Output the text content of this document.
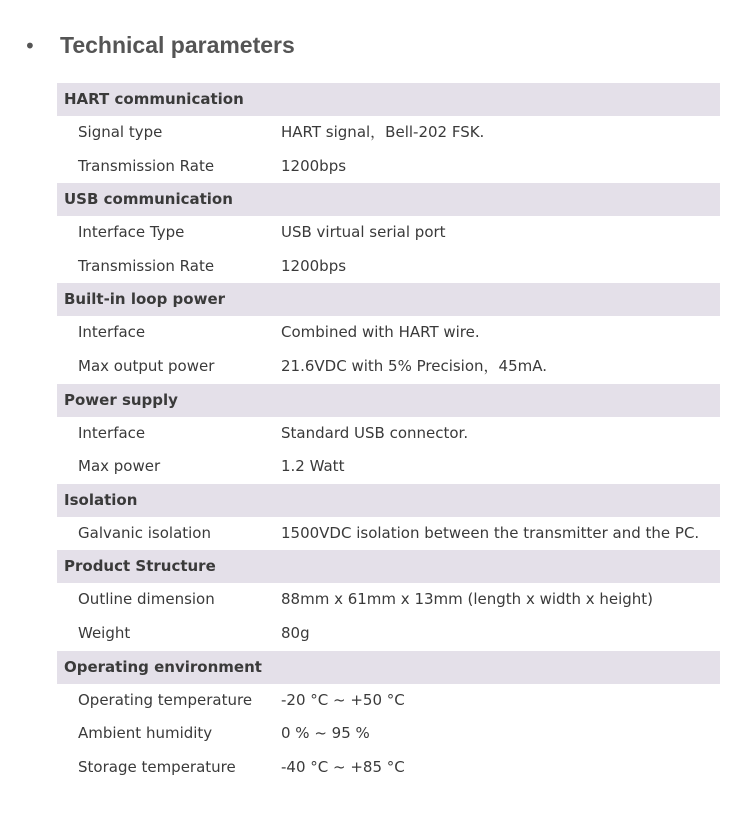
• Technical parameters
HART communication
Signal type	HART signal，Bell-202 FSK.
Transmission Rate	1200bps
USB communication
Interface Type	USB virtual serial port
Transmission Rate	1200bps
Built-in loop power
Interface	Combined with HART wire.
Max output power	21.6VDC with 5% Precision，45mA.
Power supply
Interface	Standard USB connector.
Max power	1.2 Watt
Isolation
Galvanic isolation	1500VDC isolation between the transmitter and the PC.
Product Structure
Outline dimension	88mm x 61mm x 13mm (length x width x height)
Weight	80g
Operating environment
Operating temperature -20 °C ~ +50 °C
Ambient humidity	0 % ~ 95 %
Storage temperature	-40 °C ~ +85 °C
